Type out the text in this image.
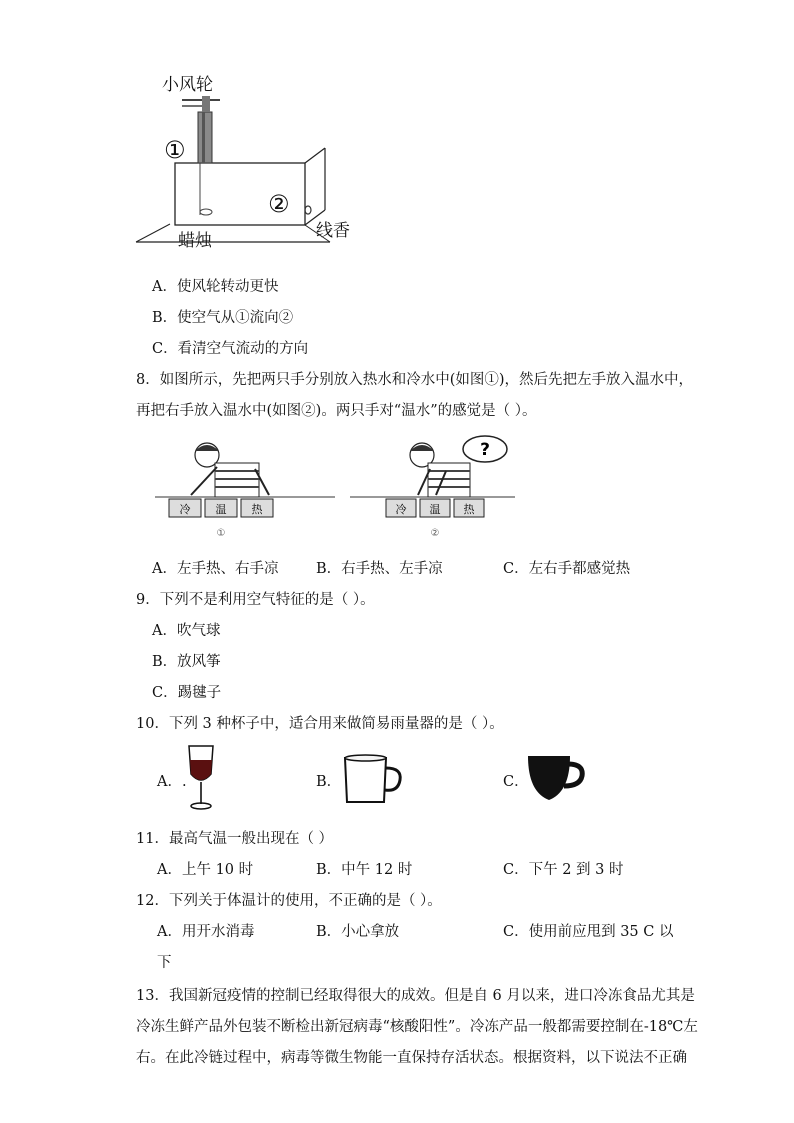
小风轮
①
②
蜡烛	线香
A．使风轮转动更快
B．使空气从①流向②
C．看清空气流动的方向
8．如图所示，先把两只手分别放入热水和冷水中(如图①)，然后先把左手放入温水中，
再把右手放入温水中(如图②)。两只手对“温水”的感觉是（ ）。
冷 温 热
①
?
冷 温 热
②
A．左手热、右手凉	B．右手热、左手凉	C．左右手都感觉热
9．下列不是利用空气特征的是（ ）。
A．吹气球
B．放风筝
C．踢毽子
10．下列 3 种杯子中，适合用来做简易雨量器的是（ ）。
A．.	B．	C．
11．最高气温一般出现在（ ）
A．上午 10 时	B．中午 12 时	C．下午 2 到 3 时
12．下列关于体温计的使用，不正确的是（ ）。
A．用开水消毒	B．小心拿放	C．使用前应甩到 35 C 以
下
13．我国新冠疫情的控制已经取得很大的成效。但是自 6 月以来，进口冷冻食品尤其是
冷冻生鲜产品外包装不断检出新冠病毒“核酸阳性”。冷冻产品一般都需要控制在-18℃左
右。在此冷链过程中，病毒等微生物能一直保持存活状态。根据资料，以下说法不正确
